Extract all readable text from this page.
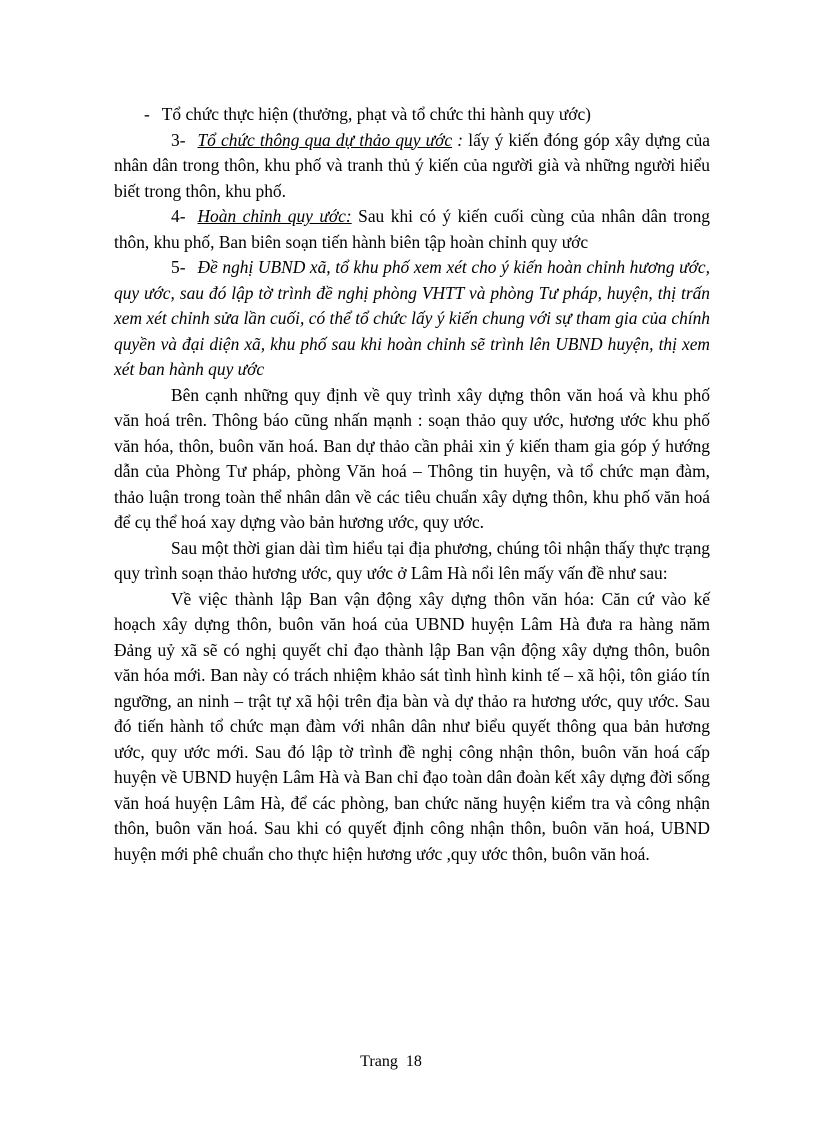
- Tổ chức thực hiện (thưởng, phạt và tổ chức thi hành quy ước)

3- Tổ chức thông qua dự thảo quy ước : lấy ý kiến đóng góp xây dựng của nhân dân trong thôn, khu phố và tranh thủ ý kiến của người già và những người hiểu biết trong thôn, khu phố.

4- Hoàn chỉnh quy ước: Sau khi có ý kiến cuối cùng của nhân dân trong thôn, khu phố, Ban biên soạn tiến hành biên tập hoàn chỉnh quy ước

5- Đề nghị UBND xã, tổ khu phố xem xét cho ý kiến hoàn chỉnh hương ước, quy ước, sau đó lập tờ trình đề nghị phòng VHTT và phòng Tư pháp, huyện, thị trấn xem xét chỉnh sửa lần cuối, có thể tổ chức lấy ý kiến chung với sự tham gia của chính quyền và đại diện xã, khu phố sau khi hoàn chỉnh sẽ trình lên UBND huyện, thị xem xét ban hành quy ước

Bên cạnh những quy định về quy trình xây dựng thôn văn hoá và khu phố văn hoá trên. Thông báo cũng nhấn mạnh : soạn thảo quy ước, hương ước khu phố văn hóa, thôn, buôn văn hoá. Ban dự thảo cần phải xin ý kiến tham gia góp ý hướng dẫn của Phòng Tư pháp, phòng Văn hoá – Thông tin huyện, và tổ chức mạn đàm, thảo luận trong toàn thể nhân dân về các tiêu chuẩn xây dựng thôn, khu phố văn hoá để cụ thể hoá xay dựng vào bản hương ước, quy ước.

Sau một thời gian dài tìm hiểu tại địa phương, chúng tôi nhận thấy thực trạng quy trình soạn thảo hương ước, quy ước ở Lâm Hà nổi lên mấy vấn đề như sau:

Về việc thành lập Ban vận động xây dựng thôn văn hóa: Căn cứ vào kế hoạch xây dựng thôn, buôn văn hoá của UBND huyện Lâm Hà đưa ra hàng năm Đảng uỷ xã sẽ có nghị quyết chỉ đạo thành lập Ban vận động xây dựng thôn, buôn văn hóa mới. Ban này có trách nhiệm khảo sát tình hình kinh tế – xã hội, tôn giáo tín ngưỡng, an ninh – trật tự xã hội trên địa bàn và dự thảo ra hương ước, quy ước. Sau đó tiến hành tổ chức mạn đàm với nhân dân như biểu quyết thông qua bản hương ước, quy ước mới. Sau đó lập tờ trình đề nghị công nhận thôn, buôn văn hoá cấp huyện về UBND huyện Lâm Hà và Ban chỉ đạo toàn dân đoàn kết xây dựng đời sống văn hoá huyện Lâm Hà, để các phòng, ban chức năng huyện kiểm tra và công nhận thôn, buôn văn hoá. Sau khi có quyết định công nhận thôn, buôn văn hoá, UBND huyện mới phê chuẩn cho thực hiện hương ước ,quy ước thôn, buôn văn hoá.

Trang  18
